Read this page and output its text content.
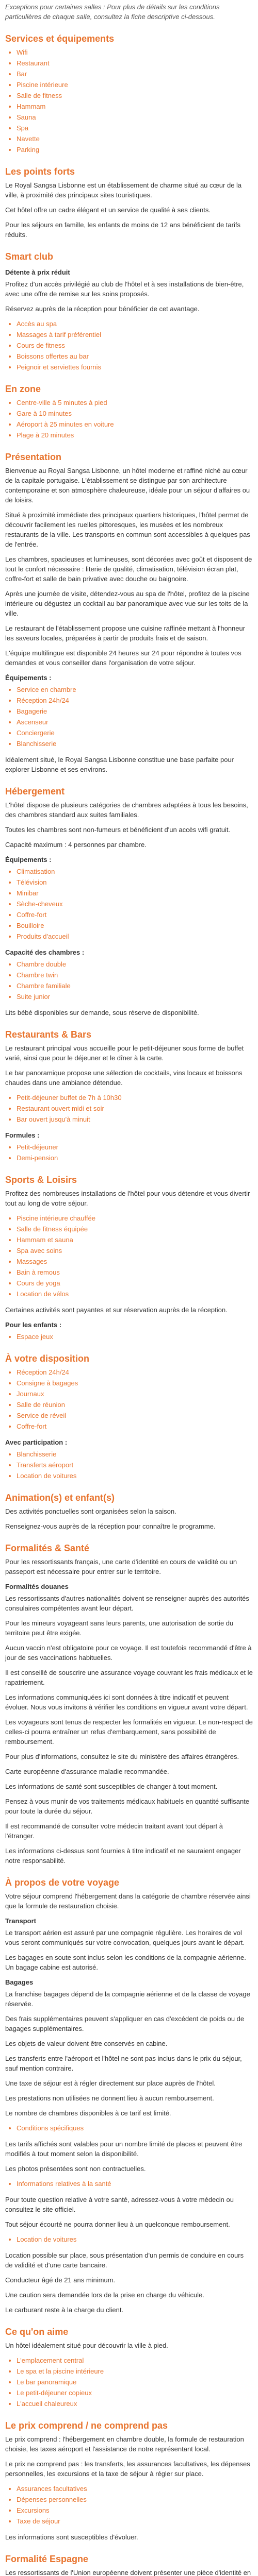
Exceptions pour certaines salles : Pour plus de détails sur les conditions particulières de chaque salle, consultez la fiche descriptive ci-dessous.

Services et équipements
• Wifi
• Restaurant
• Bar
• Piscine intérieure
• Salle de fitness
• Hammam
• Sauna
• Spa
• Navette
• Parking
Les points forts

Le Royal Sangsa Lisbonne est un établissement de charme situé au cœur de la ville, à proximité des principaux sites touristiques.

Cet hôtel offre un cadre élégant et un service de qualité à ses clients.

Pour les séjours en famille, les enfants de moins de 12 ans bénéficient de tarifs réduits.

Smart club
Détente à prix réduit

Profitez d'un accès privilégié au club de l'hôtel et à ses installations de bien-être, avec une offre de remise sur les soins proposés.

Réservez auprès de la réception pour bénéficier de cet avantage.

• Accès au spa
• Massages à tarif préférentiel
• Cours de fitness
• Boissons offertes au bar
• Peignoir et serviettes fournis
En zone
• Centre-ville à 5 minutes à pied
• Gare à 10 minutes
• Aéroport à 25 minutes en voiture
• Plage à 20 minutes
Présentation

Bienvenue au Royal Sangsa Lisbonne, un hôtel moderne et raffiné niché au cœur de la capitale portugaise. L'établissement se distingue par son architecture contemporaine et son atmosphère chaleureuse, idéale pour un séjour d'affaires ou de loisirs.

Situé à proximité immédiate des principaux quartiers historiques, l'hôtel permet de découvrir facilement les ruelles pittoresques, les musées et les nombreux restaurants de la ville. Les transports en commun sont accessibles à quelques pas de l'entrée.

Les chambres, spacieuses et lumineuses, sont décorées avec goût et disposent de tout le confort nécessaire : literie de qualité, climatisation, télévision écran plat, coffre-fort et salle de bain privative avec douche ou baignoire.

Après une journée de visite, détendez-vous au spa de l'hôtel, profitez de la piscine intérieure ou dégustez un cocktail au bar panoramique avec vue sur les toits de la ville.

Le restaurant de l'établissement propose une cuisine raffinée mettant à l'honneur les saveurs locales, préparées à partir de produits frais et de saison.

L'équipe multilingue est disponible 24 heures sur 24 pour répondre à toutes vos demandes et vous conseiller dans l'organisation de votre séjour.

Équipements :
• Service en chambre
• Réception 24h/24
• Bagagerie
• Ascenseur
• Conciergerie
• Blanchisserie

Idéalement situé, le Royal Sangsa Lisbonne constitue une base parfaite pour explorer Lisbonne et ses environs.

Hébergement

L'hôtel dispose de plusieurs catégories de chambres adaptées à tous les besoins, des chambres standard aux suites familiales.

Toutes les chambres sont non-fumeurs et bénéficient d'un accès wifi gratuit.

Capacité maximum : 4 personnes par chambre.

Équipements :
• Climatisation
• Télévision
• Minibar
• Sèche-cheveux
• Coffre-fort
• Bouilloire
• Produits d'accueil
Capacité des chambres :
• Chambre double
• Chambre twin
• Chambre familiale
• Suite junior

Lits bébé disponibles sur demande, sous réserve de disponibilité.

Restaurants & Bars

Le restaurant principal vous accueille pour le petit-déjeuner sous forme de buffet varié, ainsi que pour le déjeuner et le dîner à la carte.

Le bar panoramique propose une sélection de cocktails, vins locaux et boissons chaudes dans une ambiance détendue.

• Petit-déjeuner buffet de 7h à 10h30
• Restaurant ouvert midi et soir
• Bar ouvert jusqu'à minuit
Formules :
• Petit-déjeuner
• Demi-pension
Sports & Loisirs

Profitez des nombreuses installations de l'hôtel pour vous détendre et vous divertir tout au long de votre séjour.

• Piscine intérieure chauffée
• Salle de fitness équipée
• Hammam et sauna
• Spa avec soins
• Massages
• Bain à remous
• Cours de yoga
• Location de vélos

Certaines activités sont payantes et sur réservation auprès de la réception.

Pour les enfants :
• Espace jeux
À votre disposition
• Réception 24h/24
• Consigne à bagages
• Journaux
• Salle de réunion
• Service de réveil
• Coffre-fort
Avec participation :
• Blanchisserie
• Transferts aéroport
• Location de voitures
Animation(s) et enfant(s)

Des activités ponctuelles sont organisées selon la saison.

Renseignez-vous auprès de la réception pour connaître le programme.

Formalités & Santé

Pour les ressortissants français, une carte d'identité en cours de validité ou un passeport est nécessaire pour entrer sur le territoire.

Formalités douanes

Les ressortissants d'autres nationalités doivent se renseigner auprès des autorités consulaires compétentes avant leur départ.

Pour les mineurs voyageant sans leurs parents, une autorisation de sortie du territoire peut être exigée.

Aucun vaccin n'est obligatoire pour ce voyage. Il est toutefois recommandé d'être à jour de ses vaccinations habituelles.

Il est conseillé de souscrire une assurance voyage couvrant les frais médicaux et le rapatriement.

Les informations communiquées ici sont données à titre indicatif et peuvent évoluer. Nous vous invitons à vérifier les conditions en vigueur avant votre départ.

Les voyageurs sont tenus de respecter les formalités en vigueur. Le non-respect de celles-ci pourra entraîner un refus d'embarquement, sans possibilité de remboursement.

Pour plus d'informations, consultez le site du ministère des affaires étrangères.

Carte européenne d'assurance maladie recommandée.

Les informations de santé sont susceptibles de changer à tout moment.

Pensez à vous munir de vos traitements médicaux habituels en quantité suffisante pour toute la durée du séjour.

Il est recommandé de consulter votre médecin traitant avant tout départ à l'étranger.

Les informations ci-dessus sont fournies à titre indicatif et ne sauraient engager notre responsabilité.

À propos de votre voyage

Votre séjour comprend l'hébergement dans la catégorie de chambre réservée ainsi que la formule de restauration choisie.

Transport

Le transport aérien est assuré par une compagnie régulière. Les horaires de vol vous seront communiqués sur votre convocation, quelques jours avant le départ.

Les bagages en soute sont inclus selon les conditions de la compagnie aérienne. Un bagage cabine est autorisé.

Bagages

La franchise bagages dépend de la compagnie aérienne et de la classe de voyage réservée.

Des frais supplémentaires peuvent s'appliquer en cas d'excédent de poids ou de bagages supplémentaires.

Les objets de valeur doivent être conservés en cabine.

Les transferts entre l'aéroport et l'hôtel ne sont pas inclus dans le prix du séjour, sauf mention contraire.

Une taxe de séjour est à régler directement sur place auprès de l'hôtel.

Les prestations non utilisées ne donnent lieu à aucun remboursement.

Le nombre de chambres disponibles à ce tarif est limité.

• Conditions spécifiques

Les tarifs affichés sont valables pour un nombre limité de places et peuvent être modifiés à tout moment selon la disponibilité.

Les photos présentées sont non contractuelles.

• Informations relatives à la santé

Pour toute question relative à votre santé, adressez-vous à votre médecin ou consultez le site officiel.

Tout séjour écourté ne pourra donner lieu à un quelconque remboursement.

• Location de voitures

Location possible sur place, sous présentation d'un permis de conduire en cours de validité et d'une carte bancaire.

Conducteur âgé de 21 ans minimum.

Une caution sera demandée lors de la prise en charge du véhicule.

Le carburant reste à la charge du client.

Ce qu'on aime

Un hôtel idéalement situé pour découvrir la ville à pied.

• L'emplacement central
• Le spa et la piscine intérieure
• Le bar panoramique
• Le petit-déjeuner copieux
• L'accueil chaleureux
Le prix comprend / ne comprend pas

Le prix comprend : l'hébergement en chambre double, la formule de restauration choisie, les taxes aéroport et l'assistance de notre représentant local.

Le prix ne comprend pas : les transferts, les assurances facultatives, les dépenses personnelles, les excursions et la taxe de séjour à régler sur place.

• Assurances facultatives
• Dépenses personnelles
• Excursions
• Taxe de séjour

Les informations sont susceptibles d'évoluer.

Formalité Espagne

Les ressortissants de l'Union européenne doivent présenter une pièce d'identité en
